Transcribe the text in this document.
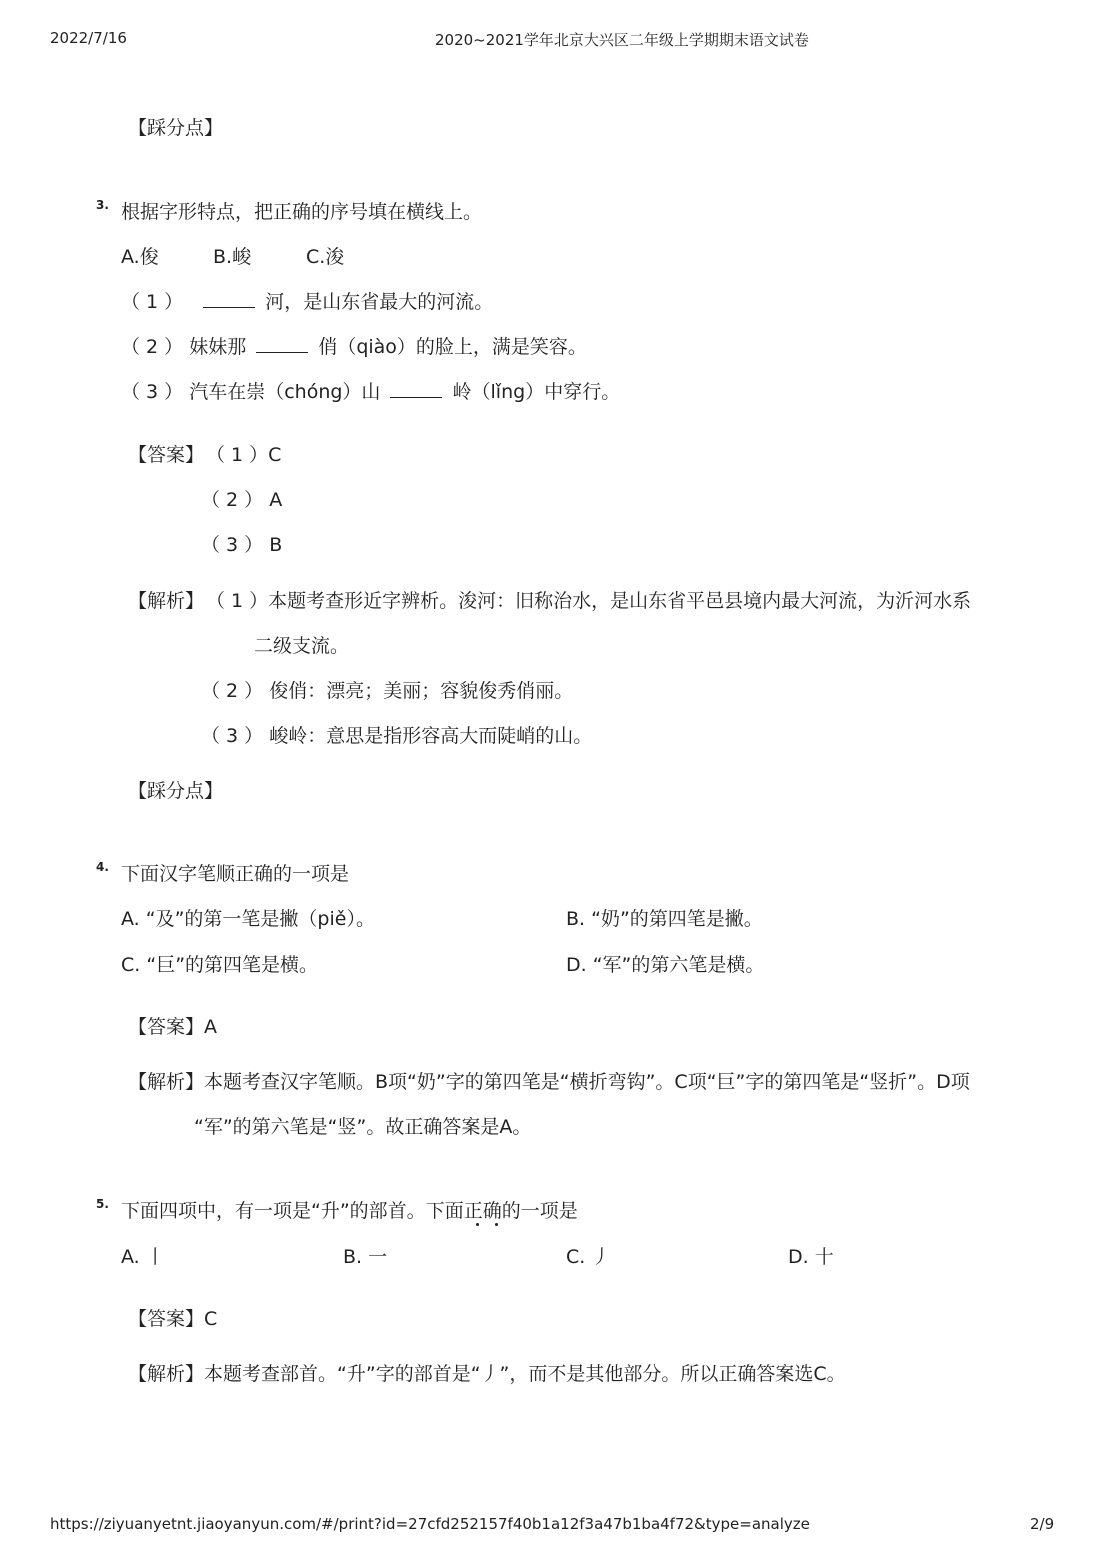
2022/7/16	2020~2021学年北京大兴区二年级上学期期末语文试卷
【踩分点】
3. 根据字形特点，把正确的序号填在横线上。
A.俊	B.峻	C.浚
（ 1 ）	河，是山东省最大的河流。
（ 2 ） 妹妹那	俏（qiào）的脸上，满是笑容。
（ 3 ） 汽车在崇（chóng）山	岭（lǐng）中穿行。
【答案】 （ 1 ）C
（ 2 ） A
（ 3 ） B
【解析】 （ 1 ）本题考查形近字辨析。浚河：旧称治水，是山东省平邑县境内最大河流，为沂河水系
二级支流。
（ 2 ） 俊俏：漂亮；美丽；容貌俊秀俏丽。
（ 3 ） 峻岭：意思是指形容高大而陡峭的山。
【踩分点】
4. 下面汉字笔顺正确的一项是
A. “及”的第一笔是撇（piě）。	B. “奶”的第四笔是撇。
C. “巨”的第四笔是横。	D. “军”的第六笔是横。
【答案】A
【解析】本题考查汉字笔顺。B项“奶”字的第四笔是“横折弯钩”。C项“巨”字的第四笔是“竖折”。D项
“军”的第六笔是“竖”。故正确答案是A。
5. 下面四项中，有一项是“升”的部首。下面正确的一项是
A. 丨	B. 一	C. 丿	D. 十
【答案】C
【解析】本题考查部首。“升”字的部首是“丿”，而不是其他部分。所以正确答案选C。
https://ziyuanyetnt.jiaoyanyun.com/#/print?id=27cfd252157f40b1a12f3a47b1ba4f72&type=analyze	2/9
